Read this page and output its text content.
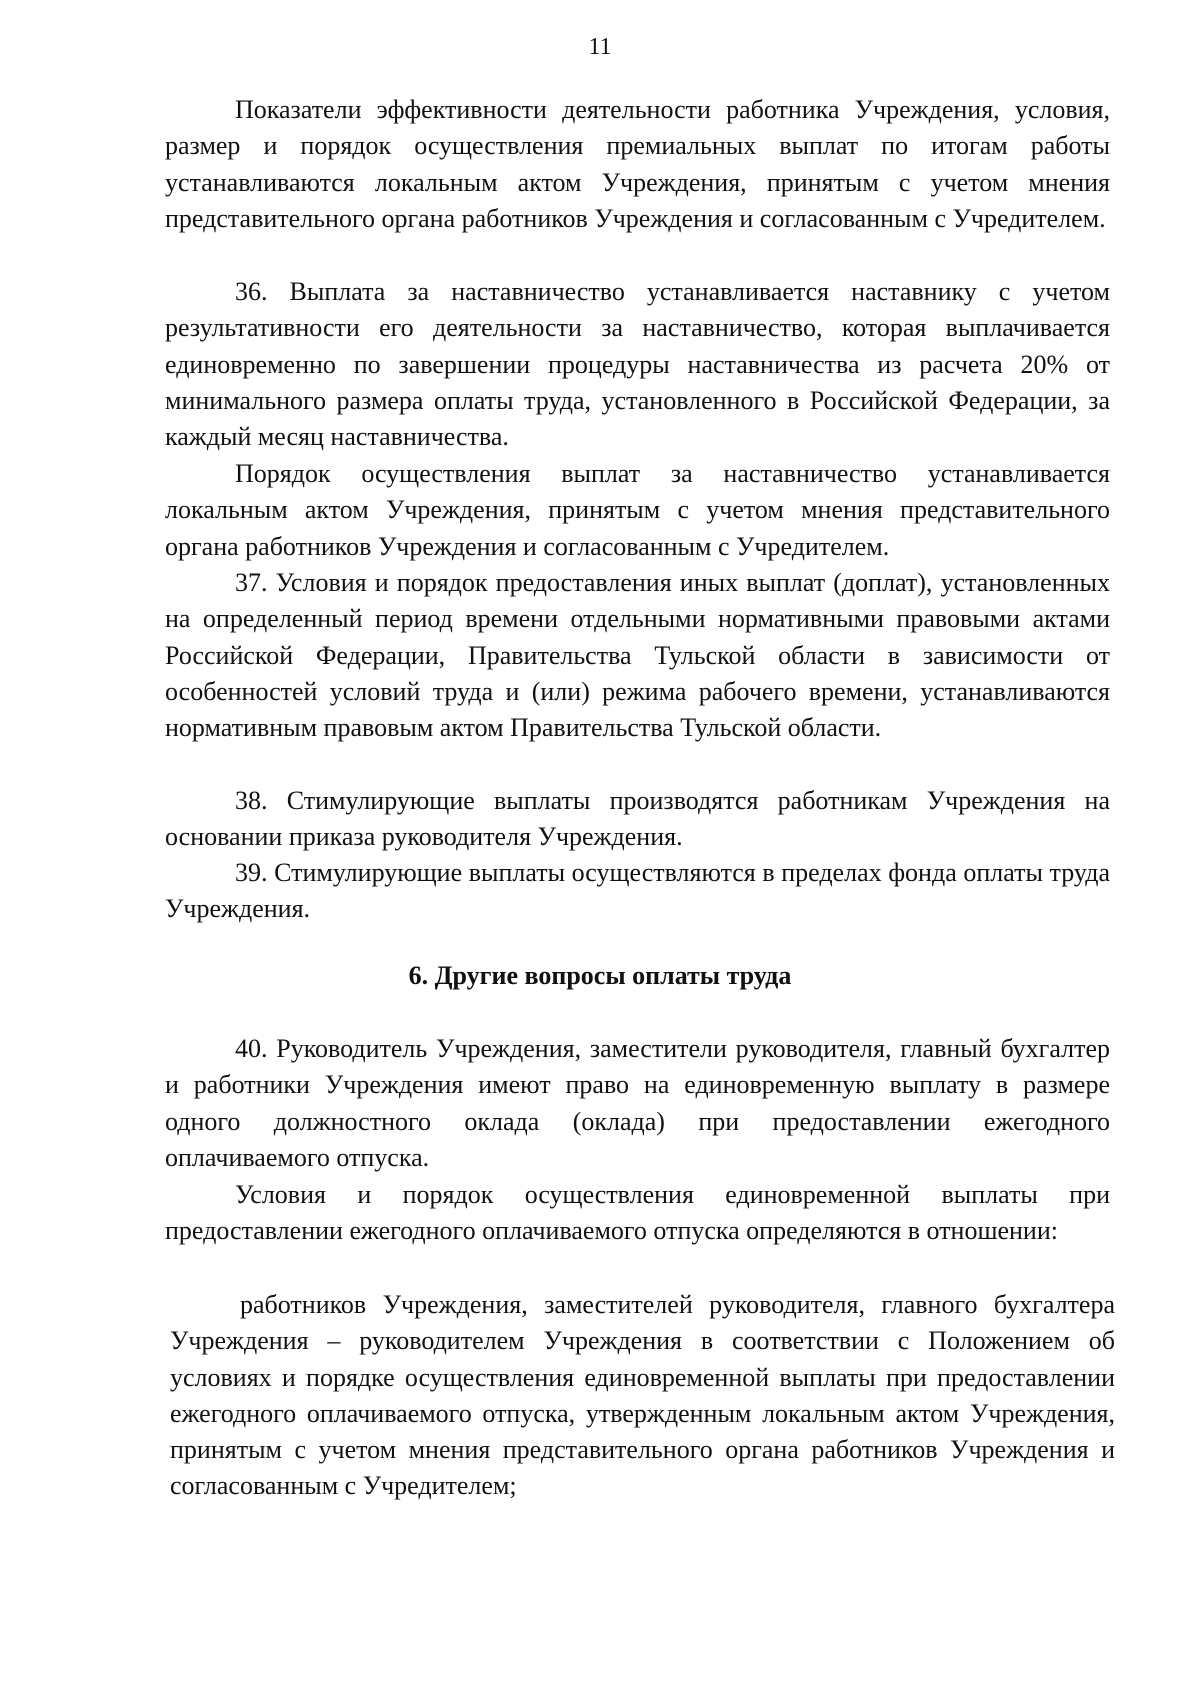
11

Показатели эффективности деятельности работника Учреждения, условия, размер и порядок осуществления премиальных выплат по итогам работы устанавливаются локальным актом Учреждения, принятым с учетом мнения представительного органа работников Учреждения и согласованным с Учредителем.

36. Выплата за наставничество устанавливается наставнику с учетом результативности его деятельности за наставничество, которая выплачивается единовременно по завершении процедуры наставничества из расчета 20% от минимального размера оплаты труда, установленного в Российской Федерации, за каждый месяц наставничества.

Порядок осуществления выплат за наставничество устанавливается локальным актом Учреждения, принятым с учетом мнения представительного органа работников Учреждения и согласованным с Учредителем.

37. Условия и порядок предоставления иных выплат (доплат), установленных на определенный период времени отдельными нормативными правовыми актами Российской Федерации, Правительства Тульской области в зависимости от особенностей условий труда и (или) режима рабочего времени, устанавливаются нормативным правовым актом Правительства Тульской области.

38. Стимулирующие выплаты производятся работникам Учреждения на основании приказа руководителя Учреждения.

39. Стимулирующие выплаты осуществляются в пределах фонда оплаты труда Учреждения.

6. Другие вопросы оплаты труда

40. Руководитель Учреждения, заместители руководителя, главный бухгалтер и работники Учреждения имеют право на единовременную выплату в размере одного должностного оклада (оклада) при предоставлении ежегодного оплачиваемого отпуска.

Условия и порядок осуществления единовременной выплаты при предоставлении ежегодного оплачиваемого отпуска определяются в отношении:

работников Учреждения, заместителей руководителя, главного бухгалтера Учреждения – руководителем Учреждения в соответствии с Положением об условиях и порядке осуществления единовременной выплаты при предоставлении ежегодного оплачиваемого отпуска, утвержденным локальным актом Учреждения, принятым с учетом мнения представительного органа работников Учреждения и согласованным с Учредителем;
